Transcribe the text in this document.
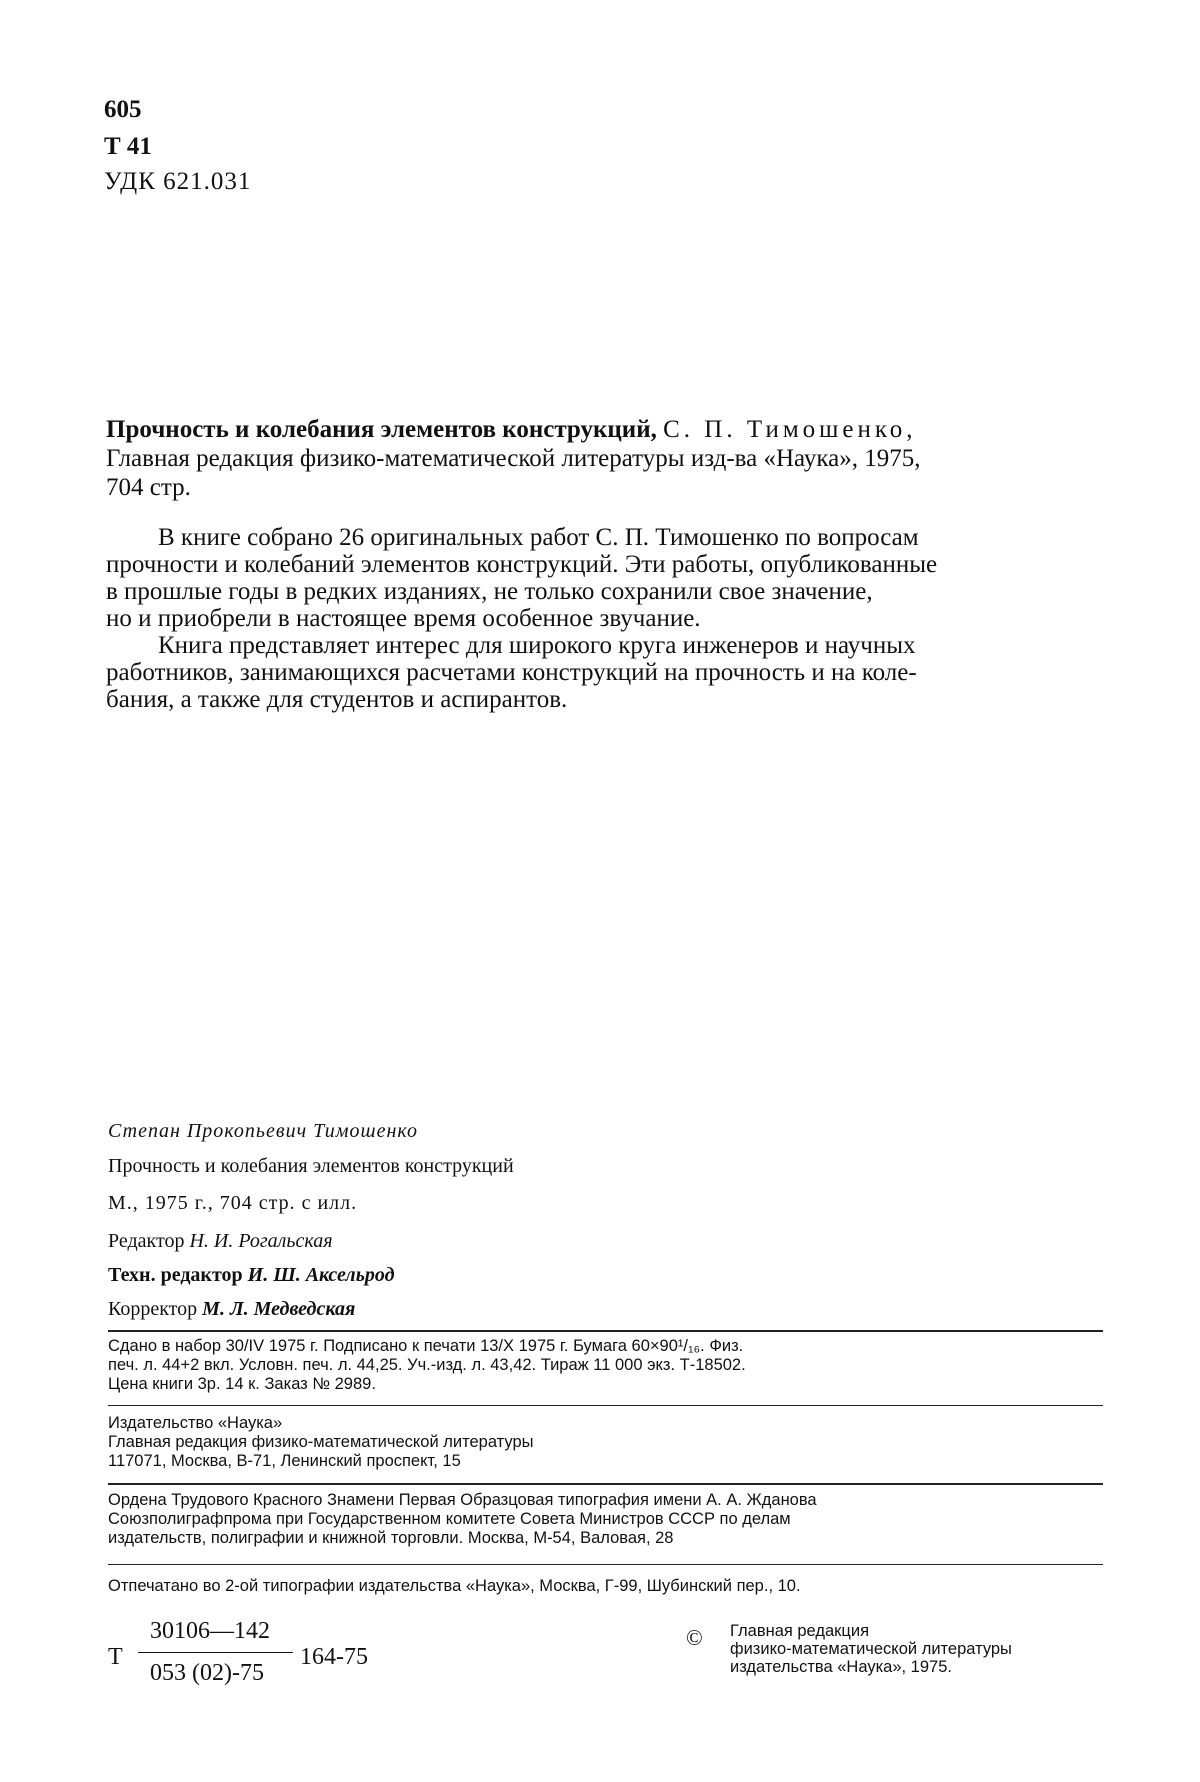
605
Т 41
УДК 621.031
Прочность и колебания элементов конструкций, С. П. Тимошенко,
Главная редакция физико-математической литературы изд-ва «Наука», 1975,
704 стр.
В книге собрано 26 оригинальных работ С. П. Тимошенко по вопросам
прочности и колебаний элементов конструкций. Эти работы, опубликованные
в прошлые годы в редких изданиях, не только сохранили свое значение,
но и приобрели в настоящее время особенное звучание.
Книга представляет интерес для широкого круга инженеров и научных
работников, занимающихся расчетами конструкций на прочность и на коле-
бания, а также для студентов и аспирантов.
Степан Прокопьевич Тимошенко
Прочность и колебания элементов конструкций
М., 1975 г., 704 стр. с илл.
Редактор Н. И. Рогальская
Техн. редактор И. Ш. Аксельрод
Корректор М. Л. Медведская
Сдано в набор 30/IV 1975 г. Подписано к печати 13/X 1975 г. Бумага 60×90¹/₁₆. Физ.
печ. л. 44+2 вкл. Условн. печ. л. 44,25. Уч.-изд. л. 43,42. Тираж 11 000 экз. Т-18502.
Цена книги 3р. 14 к. Заказ № 2989.
Издательство «Наука»
Главная редакция физико-математической литературы
117071, Москва, В-71, Ленинский проспект, 15
Ордена Трудового Красного Знамени Первая Образцовая типография имени А. А. Жданова
Союзполиграфпрома при Государственном комитете Совета Министров СССР по делам
издательств, полиграфии и книжной торговли. Москва, М-54, Валовая, 28
Отпечатано во 2-ой типографии издательства «Наука», Москва, Г-99, Шубинский пер., 10.
Т
30106—142
053 (02)-75
164-75
© Главная редакция
физико-математической литературы
издательства «Наука», 1975.
